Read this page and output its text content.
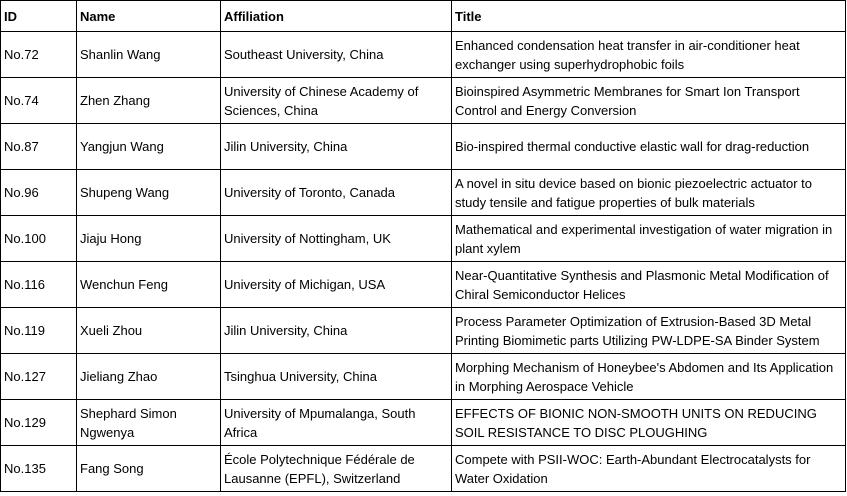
ID	Name	Affiliation	Title
No.72	Shanlin Wang	Southeast University, China	Enhanced condensation heat transfer in air-conditioner heat exchanger using superhydrophobic foils
No.74	Zhen Zhang	University of Chinese Academy of Sciences, China	Bioinspired Asymmetric Membranes for Smart Ion Transport Control and Energy Conversion
No.87	Yangjun Wang	Jilin University, China	Bio-inspired thermal conductive elastic wall for drag-reduction
No.96	Shupeng Wang	University of Toronto, Canada	A novel in situ device based on bionic piezoelectric actuator to study tensile and fatigue properties of bulk materials
No.100	Jiaju Hong	University of Nottingham, UK	Mathematical and experimental investigation of water migration in plant xylem
No.116	Wenchun Feng	University of Michigan, USA	Near-Quantitative Synthesis and Plasmonic Metal Modification of Chiral Semiconductor Helices
No.119	Xueli Zhou	Jilin University, China	Process Parameter Optimization of Extrusion-Based 3D Metal Printing Biomimetic parts Utilizing PW-LDPE-SA Binder System
No.127	Jieliang Zhao	Tsinghua University, China	Morphing Mechanism of Honeybee's Abdomen and Its Application in Morphing Aerospace Vehicle
No.129	Shephard Simon Ngwenya	University of Mpumalanga, South Africa	EFFECTS OF BIONIC NON-SMOOTH UNITS ON REDUCING SOIL RESISTANCE TO DISC PLOUGHING
No.135	Fang Song	École Polytechnique Fédérale de Lausanne (EPFL), Switzerland	Compete with PSII-WOC: Earth-Abundant Electrocatalysts for Water Oxidation
